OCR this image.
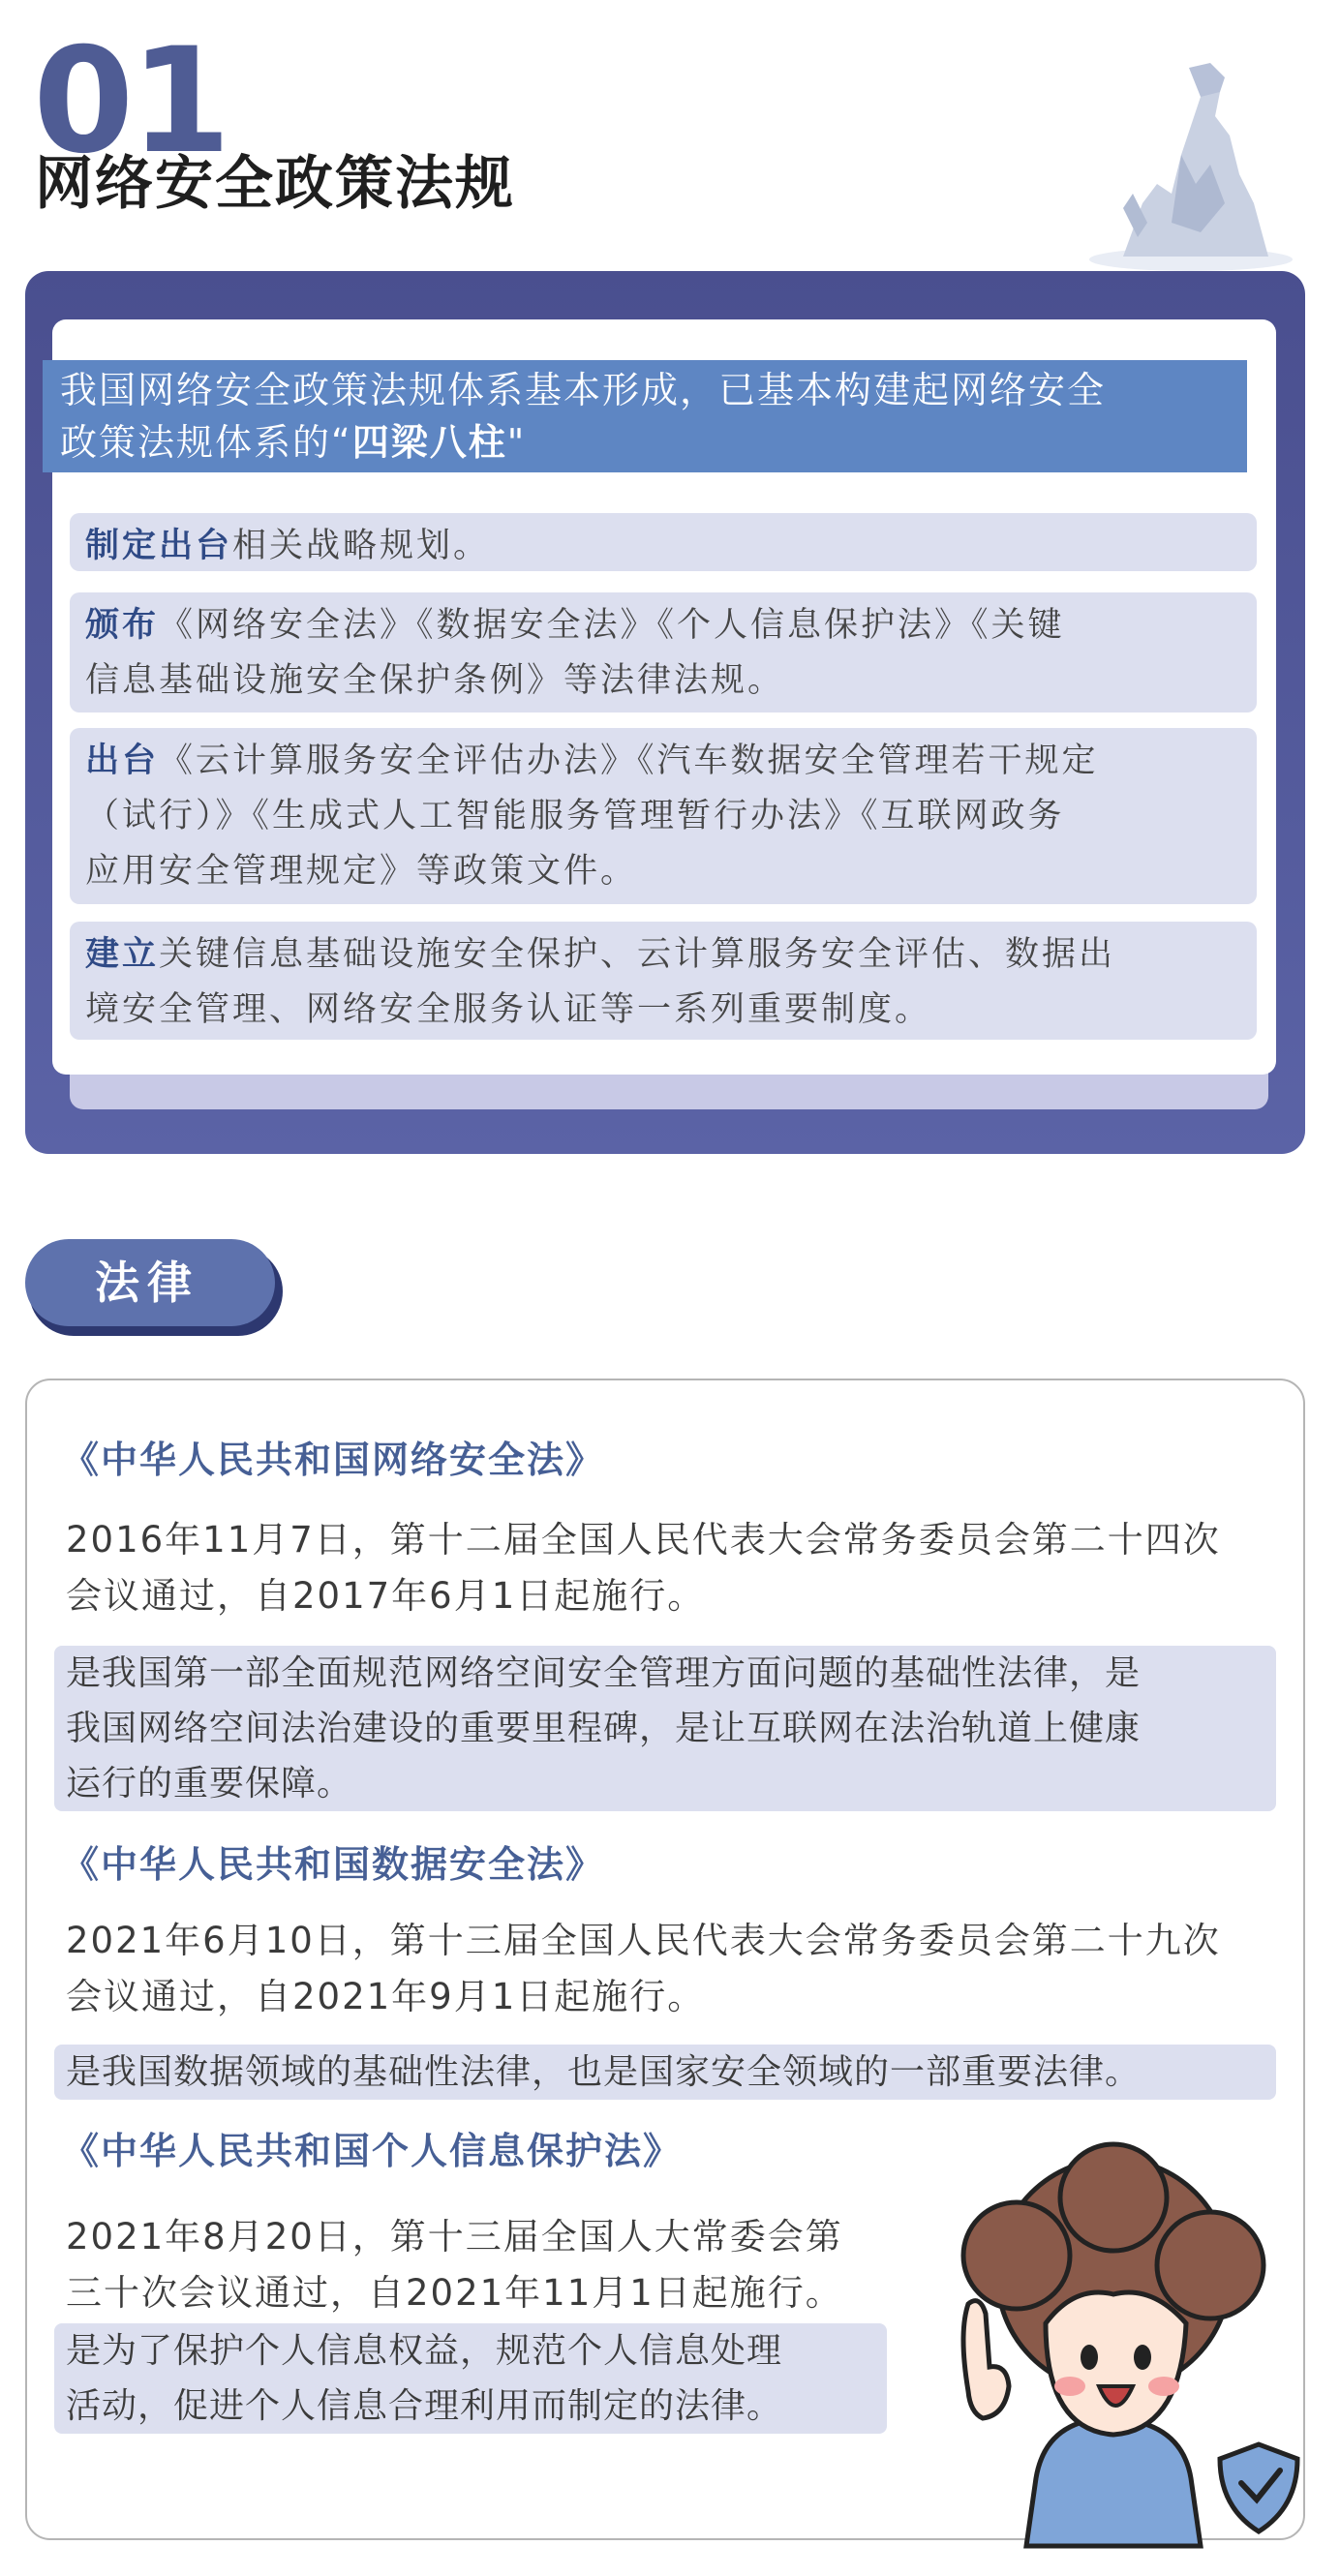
01
网络安全政策法规
我国网络安全政策法规体系基本形成，已基本构建起网络安全
政策法规体系的“四梁八柱"
制定出台相关战略规划。
颁布《网络安全法》《数据安全法》《个人信息保护法》《关键
信息基础设施安全保护条例》等法律法规。
出台《云计算服务安全评估办法》《汽车数据安全管理若干规定
（试行）》《生成式人工智能服务管理暂行办法》《互联网政务
应用安全管理规定》等政策文件。
建立关键信息基础设施安全保护、云计算服务安全评估、数据出
境安全管理、网络安全服务认证等一系列重要制度。
法律
《中华人民共和国网络安全法》
2016年11月7日，第十二届全国人民代表大会常务委员会第二十四次
会议通过，自2017年6月1日起施行。
是我国第一部全面规范网络空间安全管理方面问题的基础性法律，是
我国网络空间法治建设的重要里程碑，是让互联网在法治轨道上健康
运行的重要保障。
《中华人民共和国数据安全法》
2021年6月10日，第十三届全国人民代表大会常务委员会第二十九次
会议通过，自2021年9月1日起施行。
是我国数据领域的基础性法律，也是国家安全领域的一部重要法律。
《中华人民共和国个人信息保护法》
2021年8月20日，第十三届全国人大常委会第
三十次会议通过，自2021年11月1日起施行。
是为了保护个人信息权益，规范个人信息处理
活动，促进个人信息合理利用而制定的法律。
